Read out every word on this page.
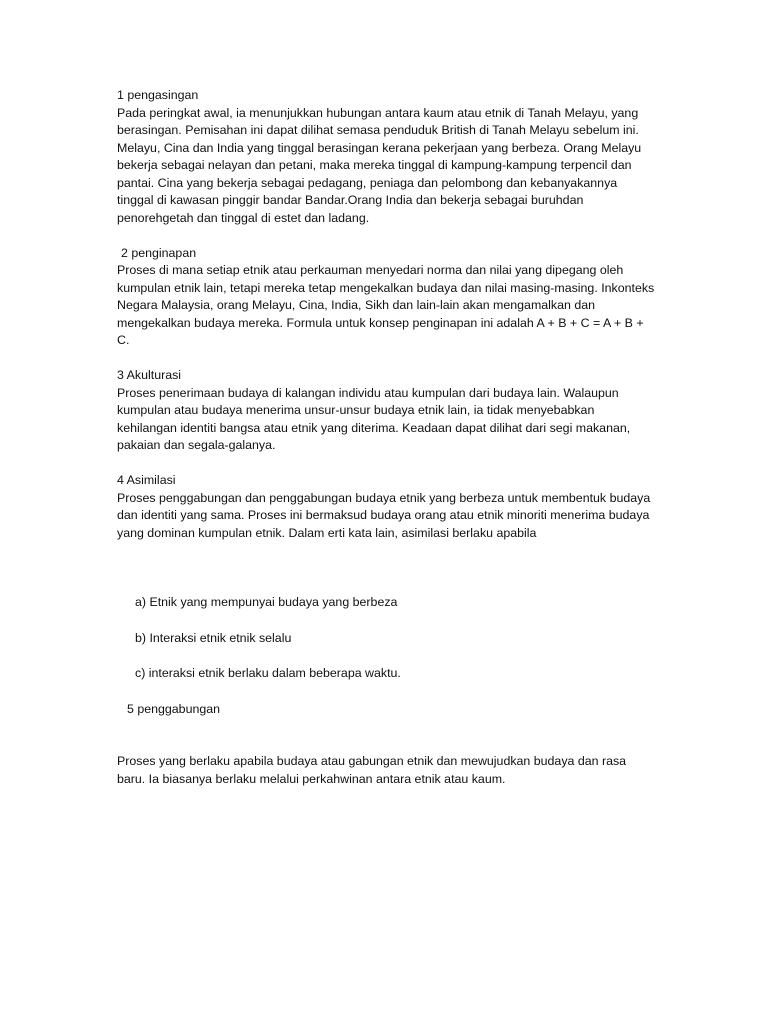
1 pengasingan

Pada peringkat awal, ia menunjukkan hubungan antara kaum atau etnik di Tanah Melayu, yang berasingan. Pemisahan ini dapat dilihat semasa penduduk British di Tanah Melayu sebelum ini. Melayu, Cina dan India yang tinggal berasingan kerana pekerjaan yang berbeza. Orang Melayu bekerja sebagai nelayan dan petani, maka mereka tinggal di kampung-kampung terpencil dan pantai. Cina yang bekerja sebagai pedagang, peniaga dan pelombong dan kebanyakannya tinggal di kawasan pinggir bandar Bandar.Orang India dan bekerja sebagai buruhdan penorehgetah dan tinggal di estet dan ladang.

2 penginapan

Proses di mana setiap etnik atau perkauman menyedari norma dan nilai yang dipegang oleh kumpulan etnik lain, tetapi mereka tetap mengekalkan budaya dan nilai masing-masing. Inkonteks Negara Malaysia, orang Melayu, Cina, India, Sikh dan lain-lain akan mengamalkan dan mengekalkan budaya mereka. Formula untuk konsep penginapan ini adalah A + B + C = A + B + C.

3 Akulturasi

Proses penerimaan budaya di kalangan individu atau kumpulan dari budaya lain. Walaupun kumpulan atau budaya menerima unsur-unsur budaya etnik lain, ia tidak menyebabkan kehilangan identiti bangsa atau etnik yang diterima. Keadaan dapat dilihat dari segi makanan, pakaian dan segala-galanya.

4 Asimilasi

Proses penggabungan dan penggabungan budaya etnik yang berbeza untuk membentuk budaya dan identiti yang sama. Proses ini bermaksud budaya orang atau etnik minoriti menerima budaya yang dominan kumpulan etnik. Dalam erti kata lain, asimilasi berlaku apabila

a) Etnik yang mempunyai budaya yang berbeza

b) Interaksi etnik etnik selalu

c) interaksi etnik berlaku dalam beberapa waktu.

5 penggabungan

Proses yang berlaku apabila budaya atau gabungan etnik dan mewujudkan budaya dan rasa baru. Ia biasanya berlaku melalui perkahwinan antara etnik atau kaum.
